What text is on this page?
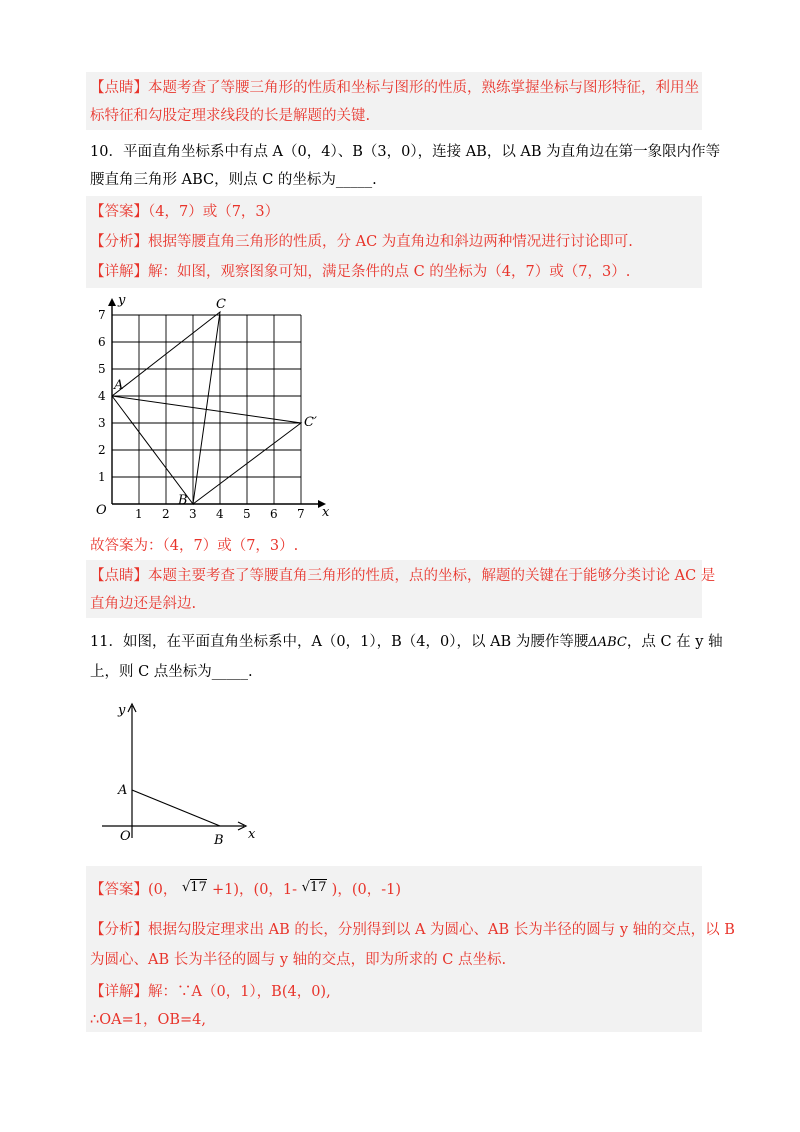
【点睛】本题考查了等腰三角形的性质和坐标与图形的性质，熟练掌握坐标与图形特征，利用坐
标特征和勾股定理求线段的长是解题的关键.
10．平面直角坐标系中有点 A（0，4）、B（3，0），连接 AB，以 AB 为直角边在第一象限内作等
腰直角三角形 ABC，则点 C 的坐标为_____.
【答案】（4，7）或（7，3）
【分析】根据等腰直角三角形的性质，分 AC 为直角边和斜边两种情况进行讨论即可.
【详解】解：如图，观察图象可知，满足条件的点 C 的坐标为（4，7）或（7，3）.
1 2 3 4 5 6 7
1
2
3
4
5
6
7
O	x
y
A
B
C
C′
故答案为：（4，7）或（7，3）.
【点睛】本题主要考查了等腰直角三角形的性质，点的坐标，解题的关键在于能够分类讨论 AC 是
直角边还是斜边.
11．如图，在平面直角坐标系中，A（0，1），B（4，0），以 AB 为腰作等腰ΔABC，点 C 在 y 轴
上，则 C 点坐标为_____.
y
x
A
O	B
【答案】(0， √17 +1)，(0，1- √17 )，(0，-1)
【分析】根据勾股定理求出 AB 的长，分别得到以 A 为圆心、AB 长为半径的圆与 y 轴的交点，以 B
为圆心、AB 长为半径的圆与 y 轴的交点，即为所求的 C 点坐标.
【详解】解：∵A（0，1），B(4，0),
∴OA=1，OB=4,
